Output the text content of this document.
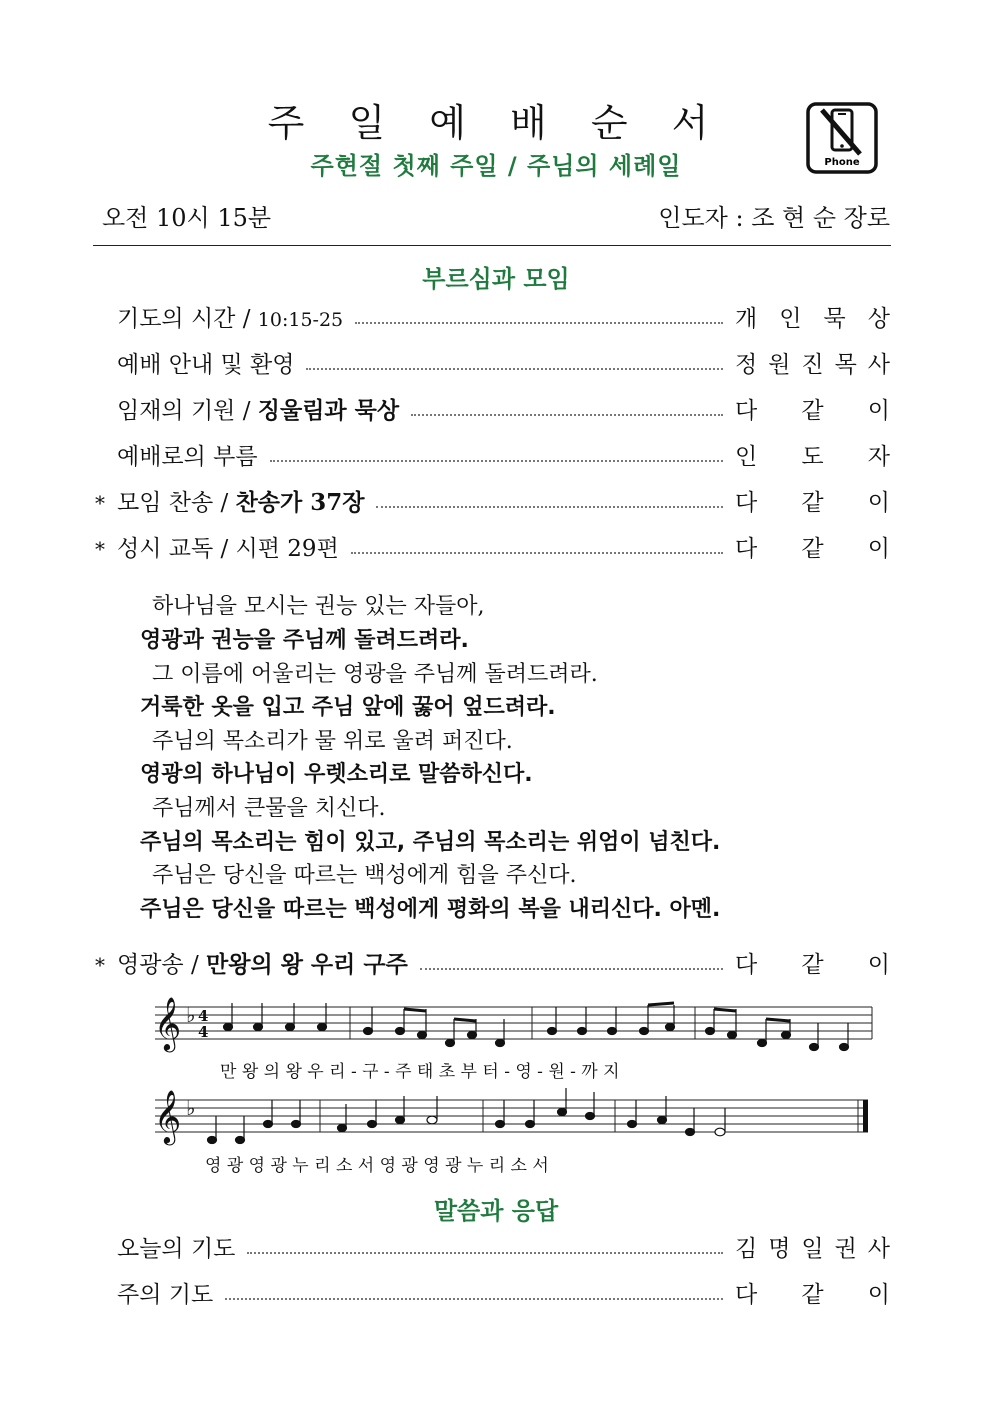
주 일 예 배 순 서
주현절 첫째 주일 / 주님의 세례일	Phone
오전 10시 15분	인도자 : 조 현 순 장로
부르심과 모임
기도의 시간 / 10:15-25	개 인 묵 상
예배 안내 및 환영	정 원 진 목 사
임재의 기원 / 징울림과 묵상	다 같 이
예배로의 부름	인 도 자
* 모임 찬송 / 찬송가 37장	다 같 이
* 성시 교독 / 시편 29편	다 같 이
하나님을 모시는 권능 있는 자들아,
영광과 권능을 주님께 돌려드려라.
그 이름에 어울리는 영광을 주님께 돌려드려라.
거룩한 옷을 입고 주님 앞에 꿇어 엎드려라.
주님의 목소리가 물 위로 울려 퍼진다.
영광의 하나님이 우렛소리로 말씀하신다.
주님께서 큰물을 치신다.
주님의 목소리는 힘이 있고, 주님의 목소리는 위엄이 넘친다.
주님은 당신을 따르는 백성에게 힘을 주신다.
주님은 당신을 따르는 백성에게 평화의 복을 내리신다. 아멘.
* 영광송 / 만왕의 왕 우리 구주	다 같 이
𝄞
𝄞
♭
♭
4
4
만 왕 의 왕 우 리 - 구 - 주 태 초 부 터 - 영 - 원 - 까 지
영 광 영 광 누 리 소 서 영 광 영 광 누 리 소 서
말씀과 응답
오늘의 기도	김 명 일 권 사
주의 기도	다 같 이
